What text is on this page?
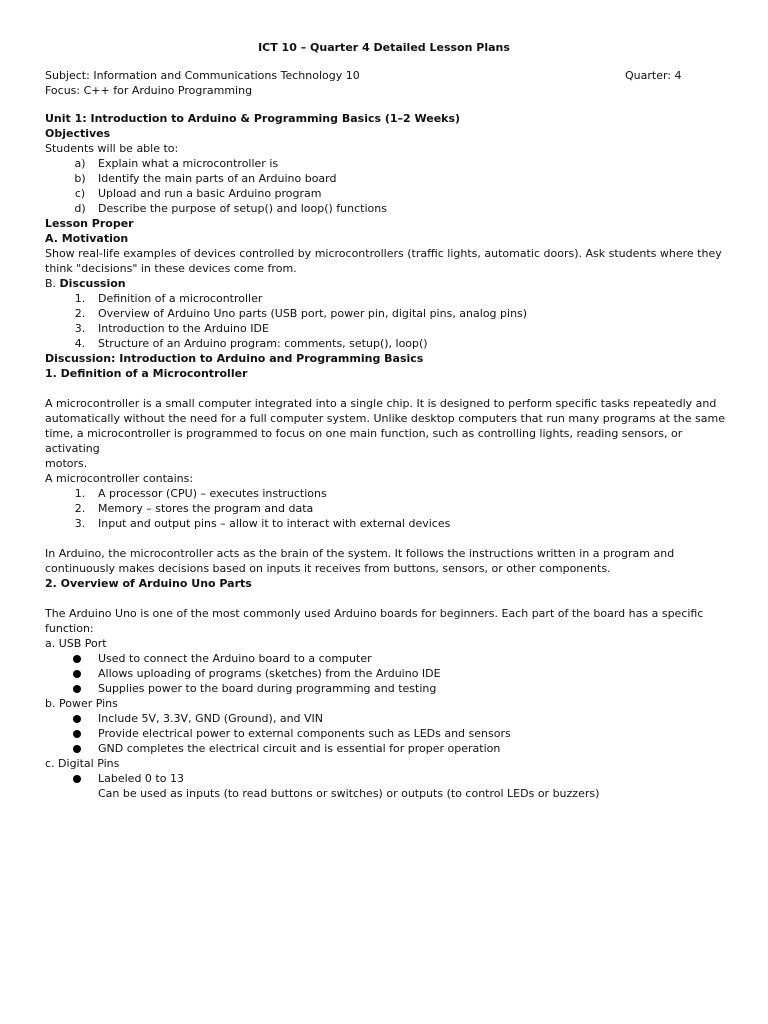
ICT 10 – Quarter 4 Detailed Lesson Plans
Subject: Information and Communications Technology 10
Focus: C++ for Arduino Programming
Quarter: 4

Unit 1: Introduction to Arduino & Programming Basics (1–2 Weeks)

Objectives

Students will be able to:

a)	Explain what a microcontroller is
b)	Identify the main parts of an Arduino board
c)	Upload and run a basic Arduino program
d)	Describe the purpose of setup() and loop() functions

Lesson Proper

A. Motivation

Show real-life examples of devices controlled by microcontrollers (traffic lights, automatic doors). Ask students where they

think "decisions" in these devices come from.

B. Discussion

1.	Definition of a microcontroller
2.	Overview of Arduino Uno parts (USB port, power pin, digital pins, analog pins)
3.	Introduction to the Arduino IDE
4.	Structure of an Arduino program: comments, setup(), loop()

Discussion: Introduction to Arduino and Programming Basics

1. Definition of a Microcontroller

A microcontroller is a small computer integrated into a single chip. It is designed to perform specific tasks repeatedly and

automatically without the need for a full computer system. Unlike desktop computers that run many programs at the same

time, a microcontroller is programmed to focus on one main function, such as controlling lights, reading sensors, or activating

motors.

A microcontroller contains:

1.	A processor (CPU) – executes instructions
2.	Memory – stores the program and data
3.	Input and output pins – allow it to interact with external devices

In Arduino, the microcontroller acts as the brain of the system. It follows the instructions written in a program and

continuously makes decisions based on inputs it receives from buttons, sensors, or other components.

2. Overview of Arduino Uno Parts

The Arduino Uno is one of the most commonly used Arduino boards for beginners. Each part of the board has a specific

function:

a. USB Port

Used to connect the Arduino board to a computer
Allows uploading of programs (sketches) from the Arduino IDE
Supplies power to the board during programming and testing

b. Power Pins

Include 5V, 3.3V, GND (Ground), and VIN
Provide electrical power to external components such as LEDs and sensors
GND completes the electrical circuit and is essential for proper operation

c. Digital Pins

Labeled 0 to 13
Can be used as inputs (to read buttons or switches) or outputs (to control LEDs or buzzers)
